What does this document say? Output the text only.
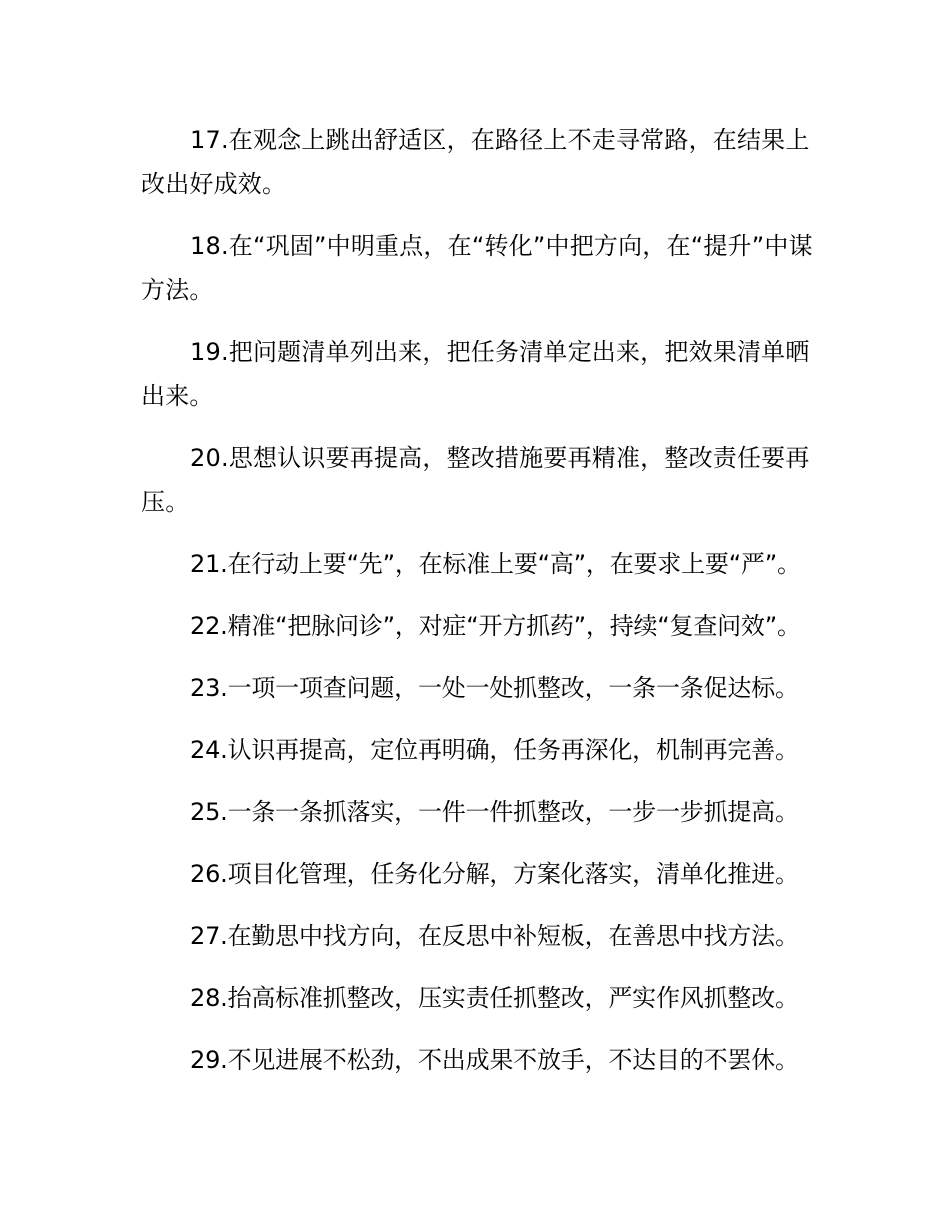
17.在观念上跳出舒适区，在路径上不走寻常路，在结果上改出好成效。

18.在“巩固”中明重点，在“转化”中把方向，在“提升”中谋方法。

19.把问题清单列出来，把任务清单定出来，把效果清单晒出来。

20.思想认识要再提高，整改措施要再精准，整改责任要再压。

21.在行动上要“先”，在标准上要“高”，在要求上要“严”。

22.精准“把脉问诊”，对症“开方抓药”，持续“复查问效”。

23.一项一项查问题，一处一处抓整改，一条一条促达标。

24.认识再提高，定位再明确，任务再深化，机制再完善。

25.一条一条抓落实，一件一件抓整改，一步一步抓提高。

26.项目化管理，任务化分解，方案化落实，清单化推进。

27.在勤思中找方向，在反思中补短板，在善思中找方法。

28.抬高标准抓整改，压实责任抓整改，严实作风抓整改。

29.不见进展不松劲，不出成果不放手，不达目的不罢休。
